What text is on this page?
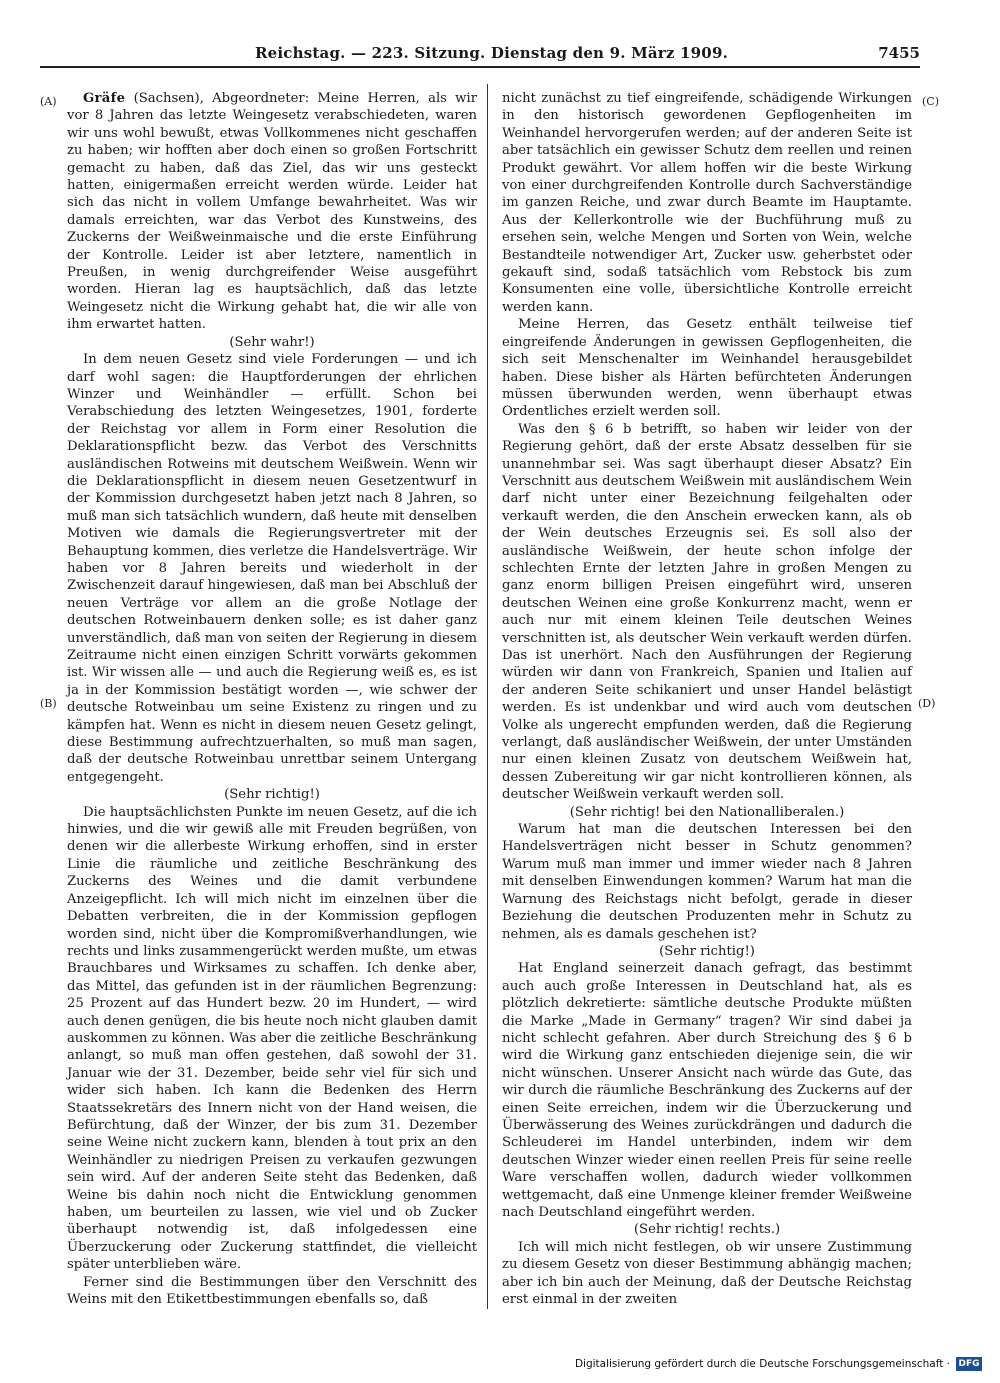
Reichstag. — 223. Sitzung. Dienstag den 9. März 1909.	7455
(A)
(B)
(C)
(D)

Gräfe (Sachsen), Abgeordneter: Meine Herren, als wir vor 8 Jahren das letzte Weingesetz verabschiedeten, waren wir uns wohl bewußt, etwas Vollkommenes nicht geschaffen zu haben; wir hofften aber doch einen so großen Fortschritt gemacht zu haben, daß das Ziel, das wir uns gesteckt hatten, einigermaßen erreicht werden würde. Leider hat sich das nicht in vollem Umfange bewahrheitet. Was wir damals erreichten, war das Verbot des Kunstweins, des Zuckerns der Weißweinmaische und die erste Einführung der Kontrolle. Leider ist aber letztere, namentlich in Preußen, in wenig durchgreifender Weise ausgeführt worden. Hieran lag es hauptsächlich, daß das letzte Weingesetz nicht die Wirkung gehabt hat, die wir alle von ihm erwartet hatten.

(Sehr wahr!)

In dem neuen Gesetz sind viele Forderungen — und ich darf wohl sagen: die Hauptforderungen der ehrlichen Winzer und Weinhändler — erfüllt. Schon bei Verabschiedung des letzten Weingesetzes, 1901, forderte der Reichstag vor allem in Form einer Resolution die Deklarationspflicht bezw. das Verbot des Verschnitts ausländischen Rotweins mit deutschem Weißwein. Wenn wir die Deklarationspflicht in diesem neuen Gesetzentwurf in der Kommission durchgesetzt haben jetzt nach 8 Jahren, so muß man sich tatsächlich wundern, daß heute mit denselben Motiven wie damals die Regierungsvertreter mit der Behauptung kommen, dies verletze die Handelsverträge. Wir haben vor 8 Jahren bereits und wiederholt in der Zwischenzeit darauf hingewiesen, daß man bei Abschluß der neuen Verträge vor allem an die große Notlage der deutschen Rotweinbauern denken solle; es ist daher ganz unverständlich, daß man von seiten der Regierung in diesem Zeitraume nicht einen einzigen Schritt vorwärts gekommen ist. Wir wissen alle — und auch die Regierung weiß es, es ist ja in der Kommission bestätigt worden —, wie schwer der deutsche Rotweinbau um seine Existenz zu ringen und zu kämpfen hat. Wenn es nicht in diesem neuen Gesetz gelingt, diese Bestimmung aufrechtzuerhalten, so muß man sagen, daß der deutsche Rotweinbau unrettbar seinem Untergang entgegengeht.

(Sehr richtig!)

Die hauptsächlichsten Punkte im neuen Gesetz, auf die ich hinwies, und die wir gewiß alle mit Freuden begrüßen, von denen wir die allerbeste Wirkung erhoffen, sind in erster Linie die räumliche und zeitliche Beschränkung des Zuckerns des Weines und die damit verbundene Anzeigepflicht. Ich will mich nicht im einzelnen über die Debatten verbreiten, die in der Kommission gepflogen worden sind, nicht über die Kompromißverhandlungen, wie rechts und links zusammengerückt werden mußte, um etwas Brauchbares und Wirksames zu schaffen. Ich denke aber, das Mittel, das gefunden ist in der räumlichen Begrenzung: 25 Prozent auf das Hundert bezw. 20 im Hundert, — wird auch denen genügen, die bis heute noch nicht glauben damit auskommen zu können. Was aber die zeitliche Beschränkung anlangt, so muß man offen gestehen, daß sowohl der 31. Januar wie der 31. Dezember, beide sehr viel für sich und wider sich haben. Ich kann die Bedenken des Herrn Staatssekretärs des Innern nicht von der Hand weisen, die Befürchtung, daß der Winzer, der bis zum 31. Dezember seine Weine nicht zuckern kann, blenden à tout prix an den Weinhändler zu niedrigen Preisen zu verkaufen gezwungen sein wird. Auf der anderen Seite steht das Bedenken, daß Weine bis dahin noch nicht die Entwicklung genommen haben, um beurteilen zu lassen, wie viel und ob Zucker überhaupt notwendig ist, daß infolgedessen eine Überzuckerung oder Zuckerung stattfindet, die vielleicht später unterblieben wäre.

Ferner sind die Bestimmungen über den Verschnitt des Weins mit den Etikettbestimmungen ebenfalls so, daß

nicht zunächst zu tief eingreifende, schädigende Wirkungen in den historisch gewordenen Gepflogenheiten im Weinhandel hervorgerufen werden; auf der anderen Seite ist aber tatsächlich ein gewisser Schutz dem reellen und reinen Produkt gewährt. Vor allem hoffen wir die beste Wirkung von einer durchgreifenden Kontrolle durch Sachverständige im ganzen Reiche, und zwar durch Beamte im Hauptamte. Aus der Kellerkontrolle wie der Buchführung muß zu ersehen sein, welche Mengen und Sorten von Wein, welche Bestandteile notwendiger Art, Zucker usw. geherbstet oder gekauft sind, sodaß tatsächlich vom Rebstock bis zum Konsumenten eine volle, übersichtliche Kontrolle erreicht werden kann.

Meine Herren, das Gesetz enthält teilweise tief eingreifende Änderungen in gewissen Gepflogenheiten, die sich seit Menschenalter im Weinhandel herausgebildet haben. Diese bisher als Härten befürchteten Änderungen müssen überwunden werden, wenn überhaupt etwas Ordentliches erzielt werden soll.

Was den § 6 b betrifft, so haben wir leider von der Regierung gehört, daß der erste Absatz desselben für sie unannehmbar sei. Was sagt überhaupt dieser Absatz? Ein Verschnitt aus deutschem Weißwein mit ausländischem Wein darf nicht unter einer Bezeichnung feilgehalten oder verkauft werden, die den Anschein erwecken kann, als ob der Wein deutsches Erzeugnis sei. Es soll also der ausländische Weißwein, der heute schon infolge der schlechten Ernte der letzten Jahre in großen Mengen zu ganz enorm billigen Preisen eingeführt wird, unseren deutschen Weinen eine große Konkurrenz macht, wenn er auch nur mit einem kleinen Teile deutschen Weines verschnitten ist, als deutscher Wein verkauft werden dürfen. Das ist unerhört. Nach den Ausführungen der Regierung würden wir dann von Frankreich, Spanien und Italien auf der anderen Seite schikaniert und unser Handel belästigt werden. Es ist undenkbar und wird auch vom deutschen Volke als ungerecht empfunden werden, daß die Regierung verlangt, daß ausländischer Weißwein, der unter Umständen nur einen kleinen Zusatz von deutschem Weißwein hat, dessen Zubereitung wir gar nicht kontrollieren können, als deutscher Weißwein verkauft werden soll.

(Sehr richtig! bei den Nationalliberalen.)

Warum hat man die deutschen Interessen bei den Handelsverträgen nicht besser in Schutz genommen? Warum muß man immer und immer wieder nach 8 Jahren mit denselben Einwendungen kommen? Warum hat man die Warnung des Reichstags nicht befolgt, gerade in dieser Beziehung die deutschen Produzenten mehr in Schutz zu nehmen, als es damals geschehen ist?

(Sehr richtig!)

Hat England seinerzeit danach gefragt, das bestimmt auch auch große Interessen in Deutschland hat, als es plötzlich dekretierte: sämtliche deutsche Produkte müßten die Marke „Made in Germany“ tragen? Wir sind dabei ja nicht schlecht gefahren. Aber durch Streichung des § 6 b wird die Wirkung ganz entschieden diejenige sein, die wir nicht wünschen. Unserer Ansicht nach würde das Gute, das wir durch die räumliche Beschränkung des Zuckerns auf der einen Seite erreichen, indem wir die Überzuckerung und Überwässerung des Weines zurückdrängen und dadurch die Schleuderei im Handel unterbinden, indem wir dem deutschen Winzer wieder einen reellen Preis für seine reelle Ware verschaffen wollen, dadurch wieder vollkommen wettgemacht, daß eine Unmenge kleiner fremder Weißweine nach Deutschland eingeführt werden.

(Sehr richtig! rechts.)

Ich will mich nicht festlegen, ob wir unsere Zustimmung zu diesem Gesetz von dieser Bestimmung abhängig machen; aber ich bin auch der Meinung, daß der Deutsche Reichstag erst einmal in der zweiten

Digitalisierung gefördert durch die Deutsche Forschungsgemeinschaft · DFG
